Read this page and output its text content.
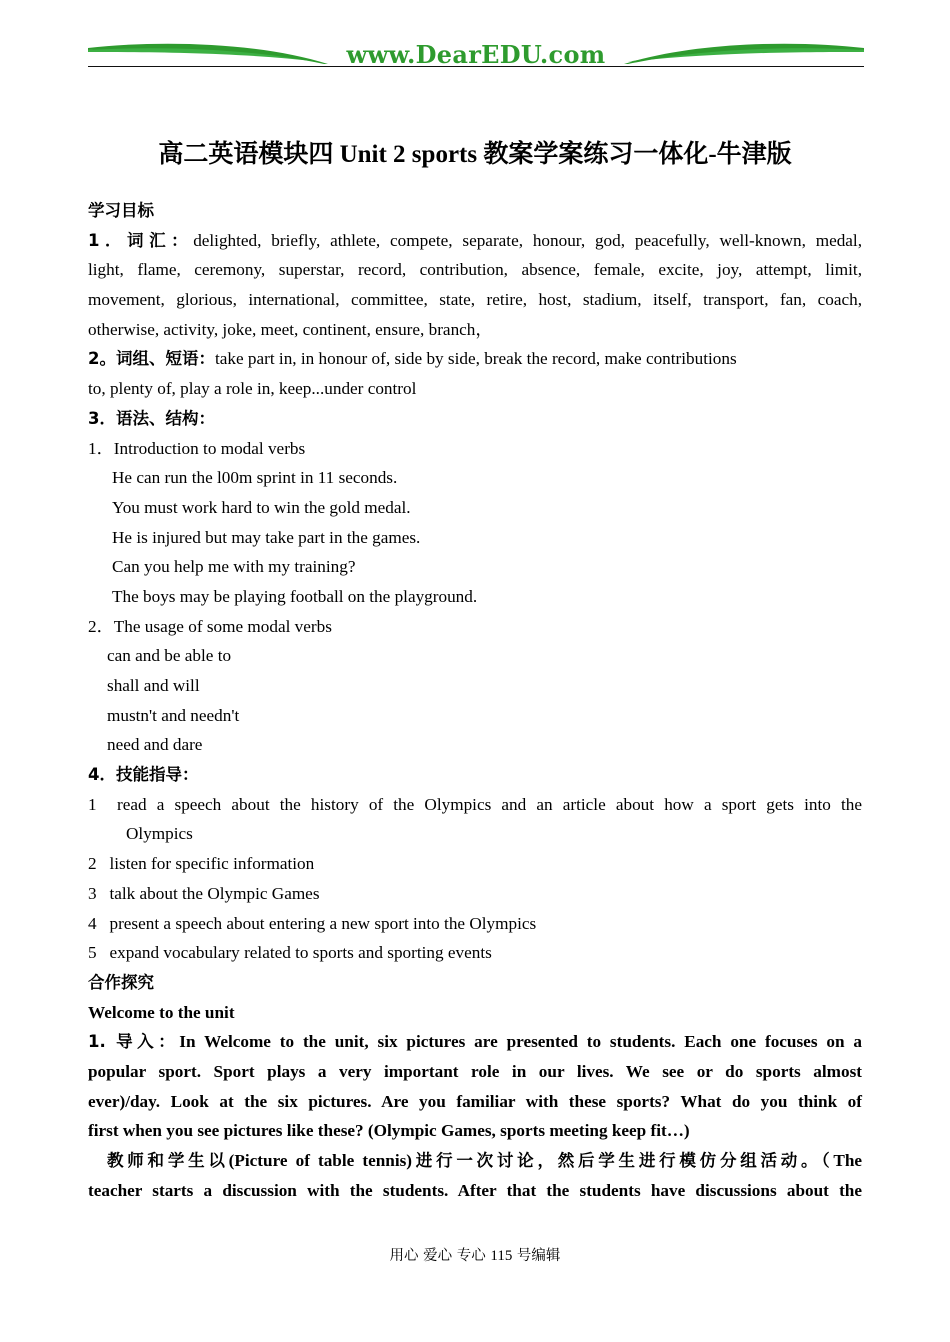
www.DearEDU.com
高二英语模块四 Unit 2 sports 教案学案练习一体化-牛津版
学习目标
1．词汇：delighted, briefly, athlete, compete, separate, honour, god, peacefully, well-known, medal,
light, flame, ceremony, superstar, record, contribution, absence, female, excite, joy, attempt, limit,
movement, glorious, international, committee, state, retire, host, stadium, itself, transport, fan, coach,
otherwise, activity, joke, meet, continent, ensure, branch，
2。词组、短语：take part in, in honour of, side by side, break the record, make contributions
to, plenty of, play a role in, keep...under control
3．语法、结构：
1．Introduction to modal verbs
He can run the l00m sprint in 11 seconds.
You must work hard to win the gold medal.
He is injured but may take part in the games.
Can you help me with my training?
The boys may be playing football on the playground.
2．The usage of some modal verbs
can and be able to
shall and will
mustn't and needn't
need and dare
4．技能指导：
1	read a speech about the history of the Olympics and an article about how a sport gets into the
Olympics
2   listen for specific information
3   talk about the Olympic Games
4   present a speech about entering a new sport into the Olympics
5   expand vocabulary related to sports and sporting events
合作探究
Welcome to the unit
1. 导入：In Welcome to the unit, six pictures are presented to students. Each one focuses on a
popular sport. Sport plays a very important role in our lives. We see or do sports almost
ever)/day. Look at the six pictures. Are you familiar with these sports? What do you think of
first when you see pictures like these? (Olympic Games, sports meeting keep fit…)
教师和学生以(Picture of table tennis)进行一次讨论，然后学生进行模仿分组活动。（The
teacher starts a discussion with the students. After that the students have discussions about the
用心 爱心 专心 115 号编辑
